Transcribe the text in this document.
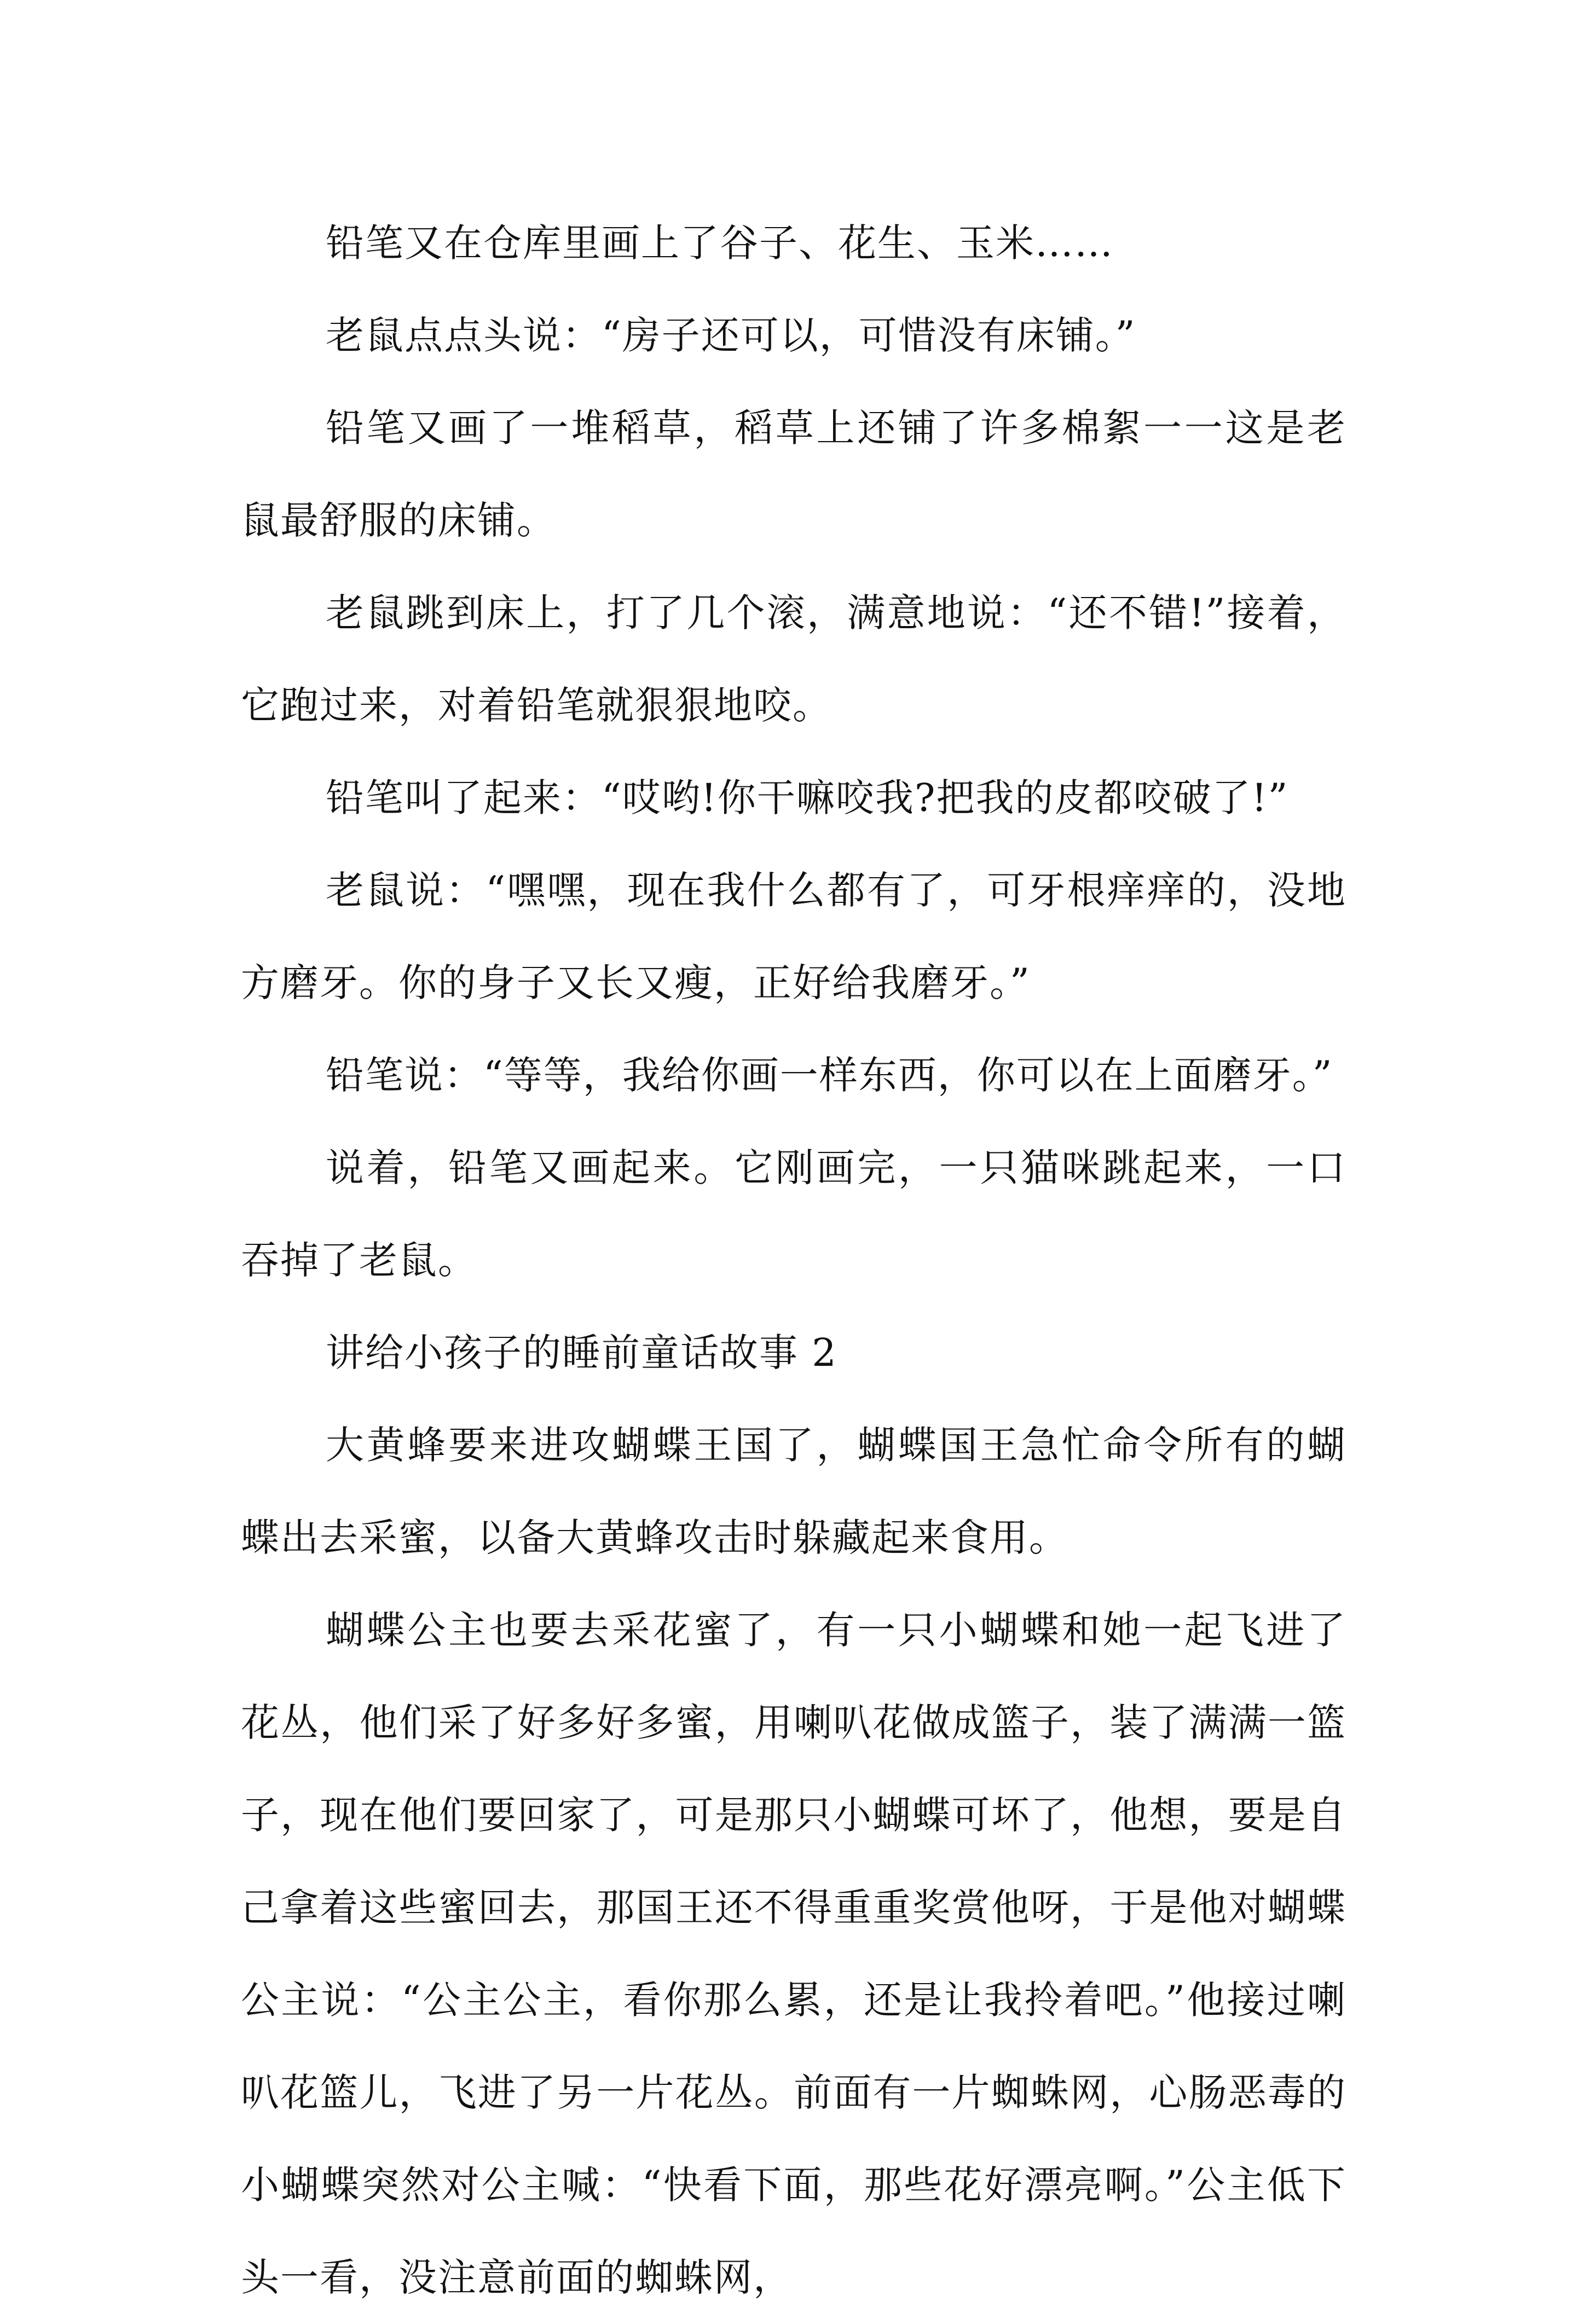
铅笔又在仓库里画上了谷子、花生、玉米……

老鼠点点头说：“房子还可以，可惜没有床铺。”

铅笔又画了一堆稻草，稻草上还铺了许多棉絮一一这是老鼠最舒服的床铺。

老鼠跳到床上，打了几个滚，满意地说：“还不错!”接着，它跑过来，对着铅笔就狠狠地咬。

铅笔叫了起来：“哎哟!你干嘛咬我?把我的皮都咬破了!”

老鼠说：“嘿嘿，现在我什么都有了，可牙根痒痒的，没地方磨牙。你的身子又长又瘦，正好给我磨牙。”

铅笔说：“等等，我给你画一样东西，你可以在上面磨牙。”

说着，铅笔又画起来。它刚画完，一只猫咪跳起来，一口吞掉了老鼠。

讲给小孩子的睡前童话故事 2

大黄蜂要来进攻蝴蝶王国了，蝴蝶国王急忙命令所有的蝴蝶出去采蜜，以备大黄蜂攻击时躲藏起来食用。

蝴蝶公主也要去采花蜜了，有一只小蝴蝶和她一起飞进了花丛，他们采了好多好多蜜，用喇叭花做成篮子，装了满满一篮子，现在他们要回家了，可是那只小蝴蝶可坏了，他想，要是自己拿着这些蜜回去，那国王还不得重重奖赏他呀，于是他对蝴蝶公主说：“公主公主，看你那么累，还是让我拎着吧。”他接过喇叭花篮儿，飞进了另一片花丛。前面有一片蜘蛛网，心肠恶毒的小蝴蝶突然对公主喊：“快看下面，那些花好漂亮啊。”公主低下头一看，没注意前面的蜘蛛网，
